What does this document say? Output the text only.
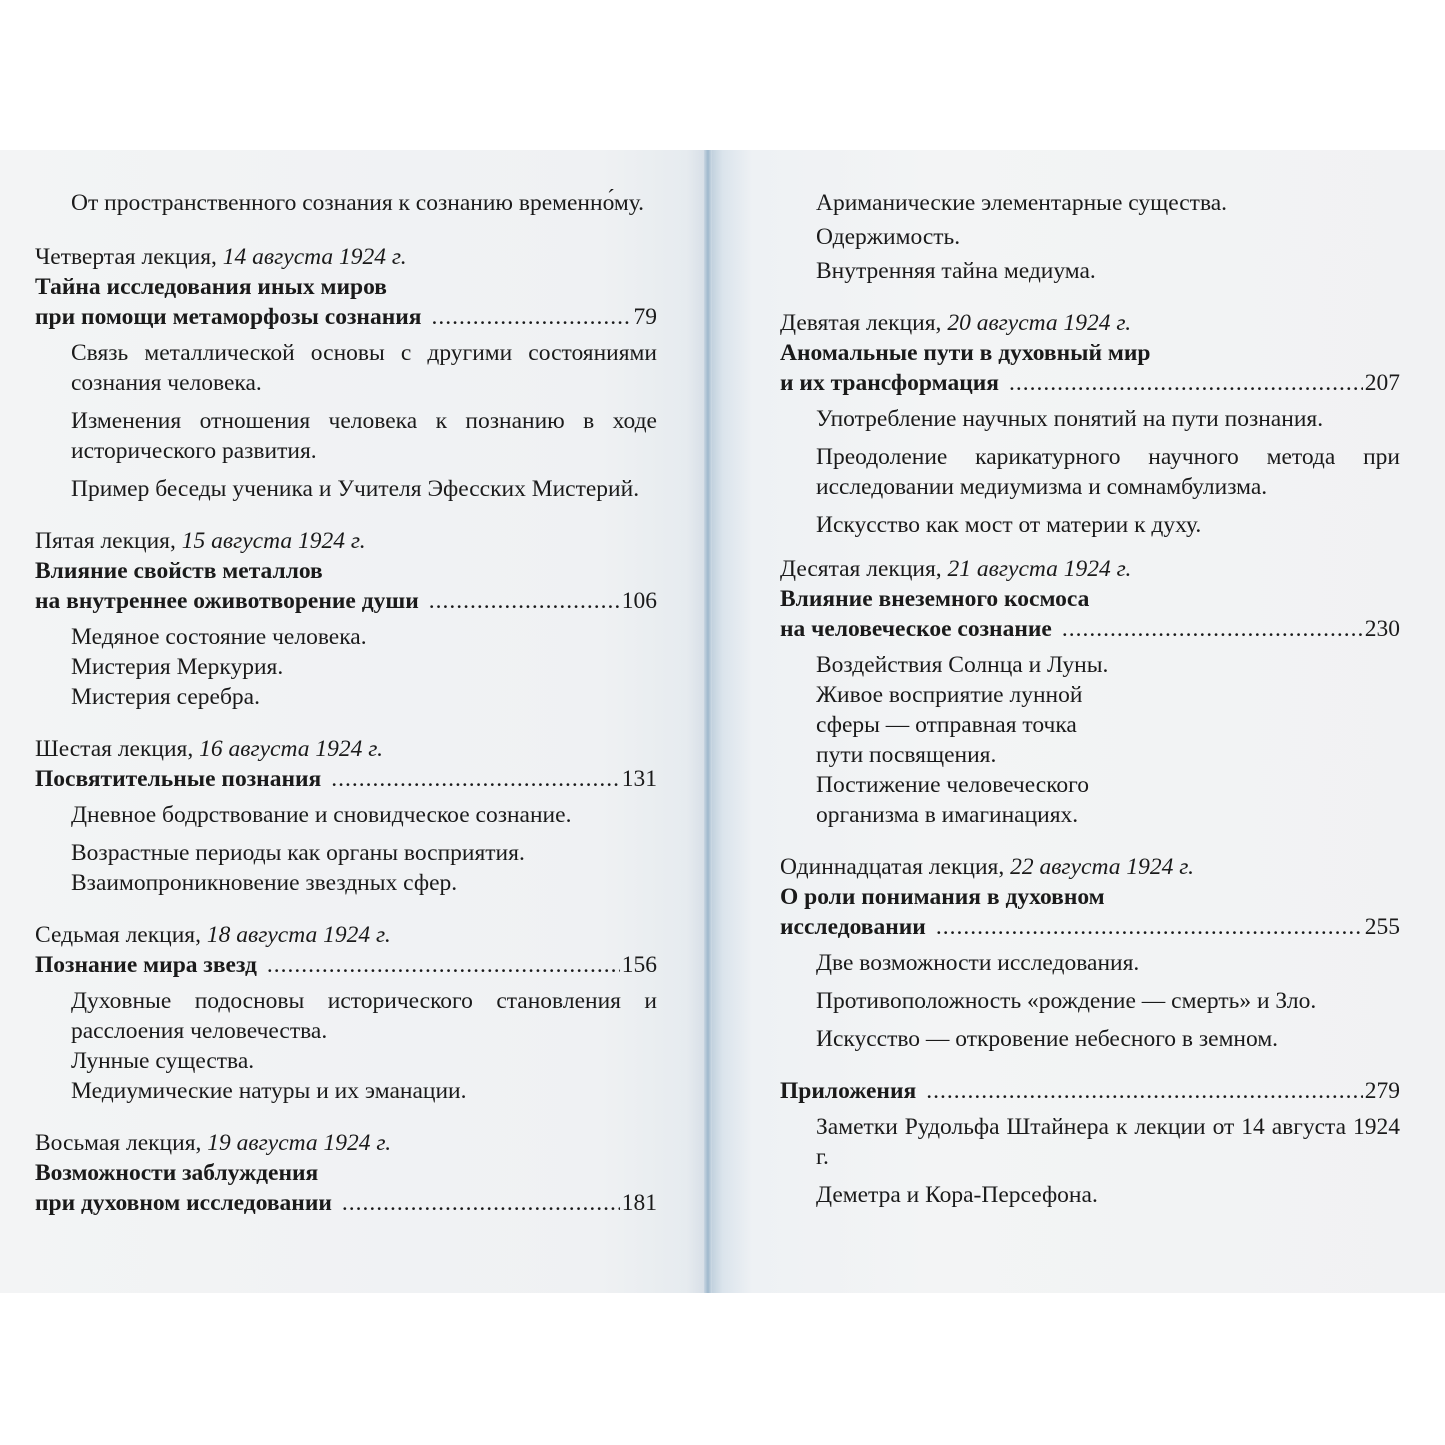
От пространственного сознания к сознанию временно́му.

Четвертая лекция, 14 августа 1924 г.

Тайна исследования иных миров

при помощи метаморфозы сознания .....	79

Связь металлической основы с другими состояниями сознания человека.

Изменения отношения человека к познанию в ходе исторического развития.

Пример беседы ученика и Учителя Эфесских Мистерий.

Пятая лекция, 15 августа 1924 г.

Влияние свойств металлов

на внутреннее оживотворение души .....	106

Медяное состояние человека.

Мистерия Меркурия.

Мистерия серебра.

Шестая лекция, 16 августа 1924 г.

Посвятительные познания .....	131

Дневное бодрствование и сновидческое сознание.

Возрастные периоды как органы восприятия.

Взаимопроникновение звездных сфер.

Седьмая лекция, 18 августа 1924 г.

Познание мира звезд .....	156

Духовные подосновы исторического становления и расслоения человечества.

Лунные существа.

Медиумические натуры и их эманации.

Восьмая лекция, 19 августа 1924 г.

Возможности заблуждения

при духовном исследовании .....	181

Ариманические элементарные существа.

Одержимость.

Внутренняя тайна медиума.

Девятая лекция, 20 августа 1924 г.

Аномальные пути в духовный мир

и их трансформация .....	207

Употребление научных понятий на пути познания.

Преодоление карикатурного научного метода при исследовании медиумизма и сомнамбулизма.

Искусство как мост от материи к духу.

Десятая лекция, 21 августа 1924 г.

Влияние внеземного космоса

на человеческое сознание .....	230

Воздействия Солнца и Луны.

Живое восприятие лунной сферы — отправная точка пути посвящения.

Постижение человеческого организма в имагинациях.

Одиннадцатая лекция, 22 августа 1924 г.

О роли понимания в духовном

исследовании .....	255

Две возможности исследования.

Противоположность «рождение — смерть» и Зло.

Искусство — откровение небесного в земном.

Приложения .....	279

Заметки Рудольфа Штайнера к лекции от 14 августа 1924 г.

Деметра и Кора-Персефона.
